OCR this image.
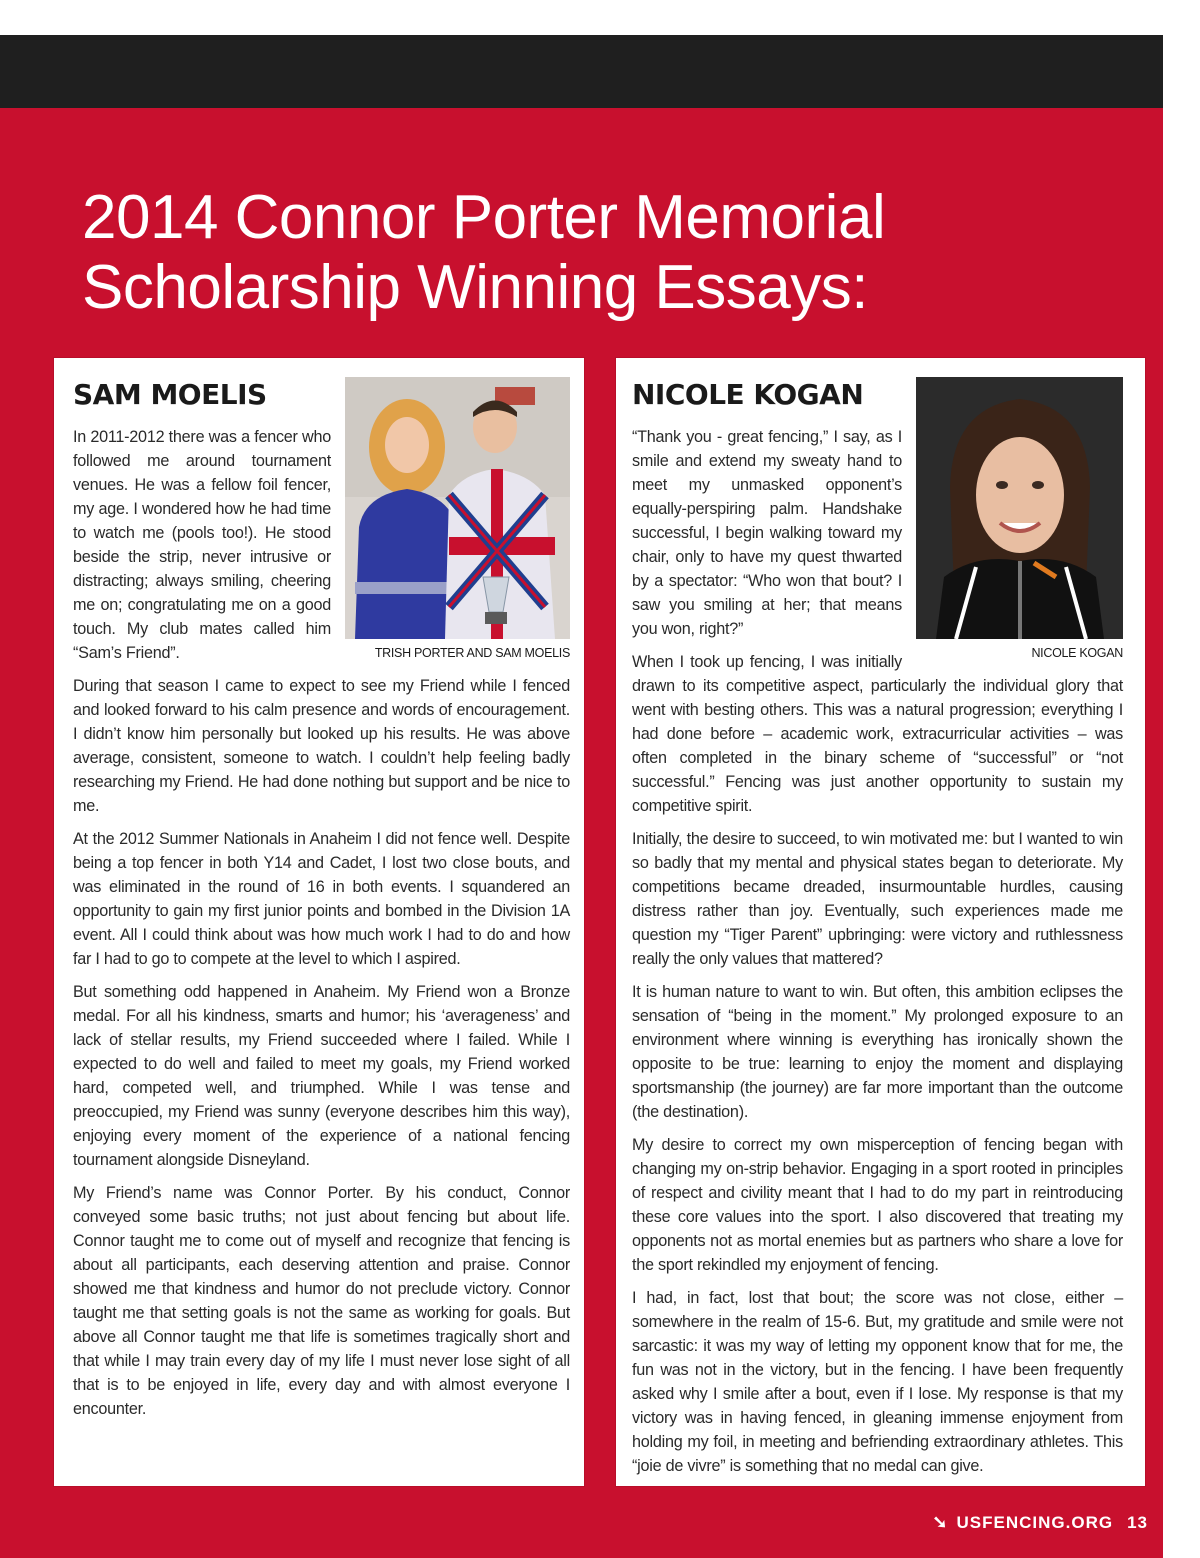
2014 Connor Porter Memorial
Scholarship Winning Essays:
SAM MOELIS
TRISH PORTER AND SAM MOELIS

In 2011-2012 there was a fencer who followed me around tournament venues. He was a fellow foil fencer, my age. I wondered how he had time to watch me (pools too!). He stood beside the strip, never intrusive or distracting; always smiling, cheering me on; congratulating me on a good touch. My club mates called him “Sam’s Friend”.

During that season I came to expect to see my Friend while I fenced and looked forward to his calm presence and words of encouragement. I didn’t know him personally but looked up his results. He was above average, consistent, someone to watch. I couldn’t help feeling badly researching my Friend. He had done nothing but support and be nice to me.

At the 2012 Summer Nationals in Anaheim I did not fence well. Despite being a top fencer in both Y14 and Cadet, I lost two close bouts, and was eliminated in the round of 16 in both events. I squandered an opportunity to gain my first junior points and bombed in the Division 1A event. All I could think about was how much work I had to do and how far I had to go to compete at the level to which I aspired.

But something odd happened in Anaheim. My Friend won a Bronze medal. For all his kindness, smarts and humor; his ‘averageness’ and lack of stellar results, my Friend succeeded where I failed. While I expected to do well and failed to meet my goals, my Friend worked hard, competed well, and triumphed. While I was tense and preoccupied, my Friend was sunny (everyone describes him this way), enjoying every moment of the experience of a national fencing tournament alongside Disneyland.

My Friend’s name was Connor Porter. By his conduct, Connor conveyed some basic truths; not just about fencing but about life. Connor taught me to come out of myself and recognize that fencing is about all participants, each deserving attention and praise. Connor showed me that kindness and humor do not preclude victory. Connor taught me that setting goals is not the same as working for goals. But above all Connor taught me that life is sometimes tragically short and that while I may train every day of my life I must never lose sight of all that is to be enjoyed in life, every day and with almost everyone I encounter.

NICOLE KOGAN
NICOLE KOGAN

“Thank you - great fencing,” I say, as I smile and extend my sweaty hand to meet my unmasked opponent’s equally-perspiring palm. Handshake successful, I begin walking toward my chair, only to have my quest thwarted by a spectator: “Who won that bout? I saw you smiling at her; that means you won, right?”

When I took up fencing, I was initially drawn to its competitive aspect, particularly the individual glory that went with besting others. This was a natural progression; everything I had done before – academic work, extracurricular activities – was often completed in the binary scheme of “successful” or “not successful.” Fencing was just another opportunity to sustain my competitive spirit.

Initially, the desire to succeed, to win motivated me: but I wanted to win so badly that my mental and physical states began to deteriorate. My competitions became dreaded, insurmountable hurdles, causing distress rather than joy. Eventually, such experiences made me question my “Tiger Parent” upbringing: were victory and ruthlessness really the only values that mattered?

It is human nature to want to win. But often, this ambition eclipses the sensation of “being in the moment.” My prolonged exposure to an environment where winning is everything has ironically shown the opposite to be true: learning to enjoy the moment and displaying sportsmanship (the journey) are far more important than the outcome (the destination).

My desire to correct my own misperception of fencing began with changing my on-strip behavior. Engaging in a sport rooted in principles of respect and civility meant that I had to do my part in reintroducing these core values into the sport. I also discovered that treating my opponents not as mortal enemies but as partners who share a love for the sport rekindled my enjoyment of fencing.

I had, in fact, lost that bout; the score was not close, either – somewhere in the realm of 15-6. But, my gratitude and smile were not sarcastic: it was my way of letting my opponent know that for me, the fun was not in the victory, but in the fencing. I have been frequently asked why I smile after a bout, even if I lose. My response is that my victory was in having fenced, in gleaning immense enjoyment from holding my foil, in meeting and befriending extraordinary athletes. This “joie de vivre” is something that no medal can give.

➘ USFENCING.ORG 13
